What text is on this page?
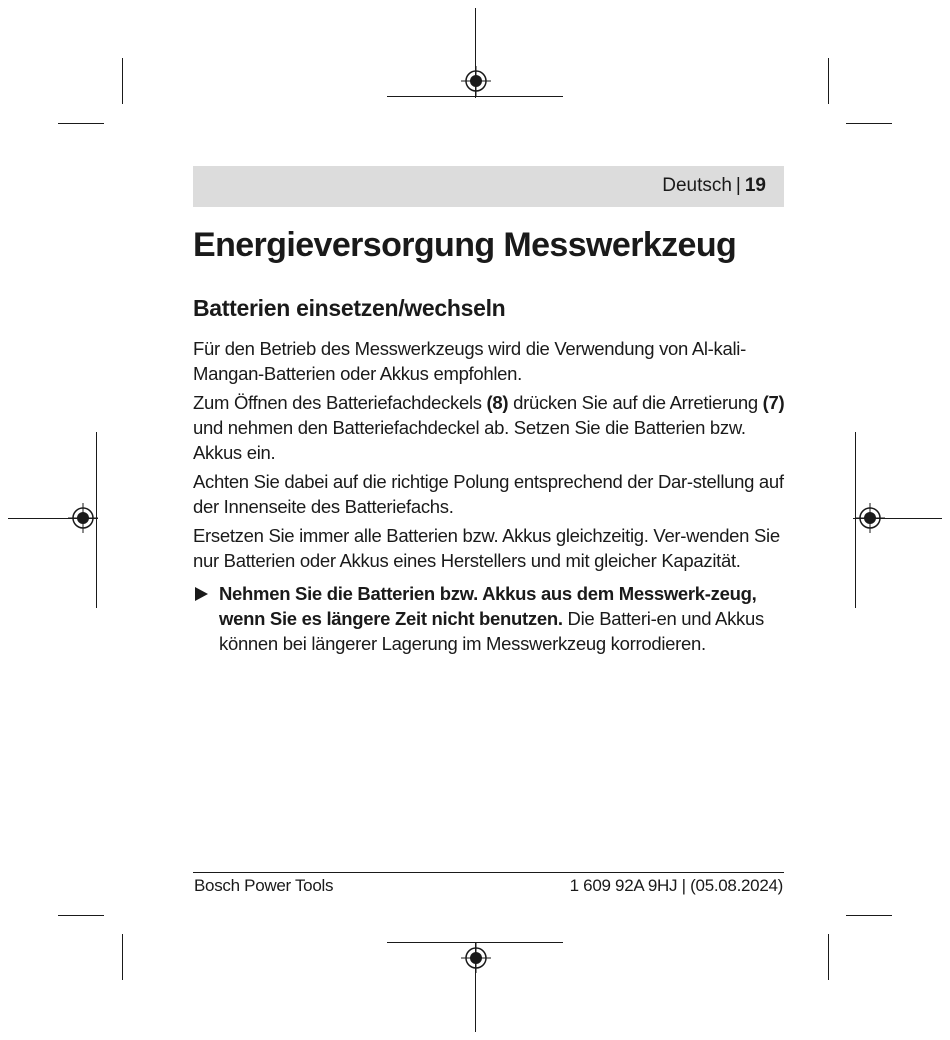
Deutsch | 19
Energieversorgung Messwerkzeug
Batterien einsetzen/wechseln

Für den Betrieb des Messwerkzeugs wird die Verwendung von Al-kali-Mangan-Batterien oder Akkus empfohlen.

Zum Öffnen des Batteriefachdeckels (8) drücken Sie auf die Arretierung (7) und nehmen den Batteriefachdeckel ab. Setzen Sie die Batterien bzw. Akkus ein.

Achten Sie dabei auf die richtige Polung entsprechend der Dar-stellung auf der Innenseite des Batteriefachs.

Ersetzen Sie immer alle Batterien bzw. Akkus gleichzeitig. Ver-wenden Sie nur Batterien oder Akkus eines Herstellers und mit gleicher Kapazität.

Nehmen Sie die Batterien bzw. Akkus aus dem Messwerk-zeug, wenn Sie es längere Zeit nicht benutzen. Die Batteri-en und Akkus können bei längerer Lagerung im Messwerkzeug korrodieren.
Bosch Power Tools	1 609 92A 9HJ | (05.08.2024)
